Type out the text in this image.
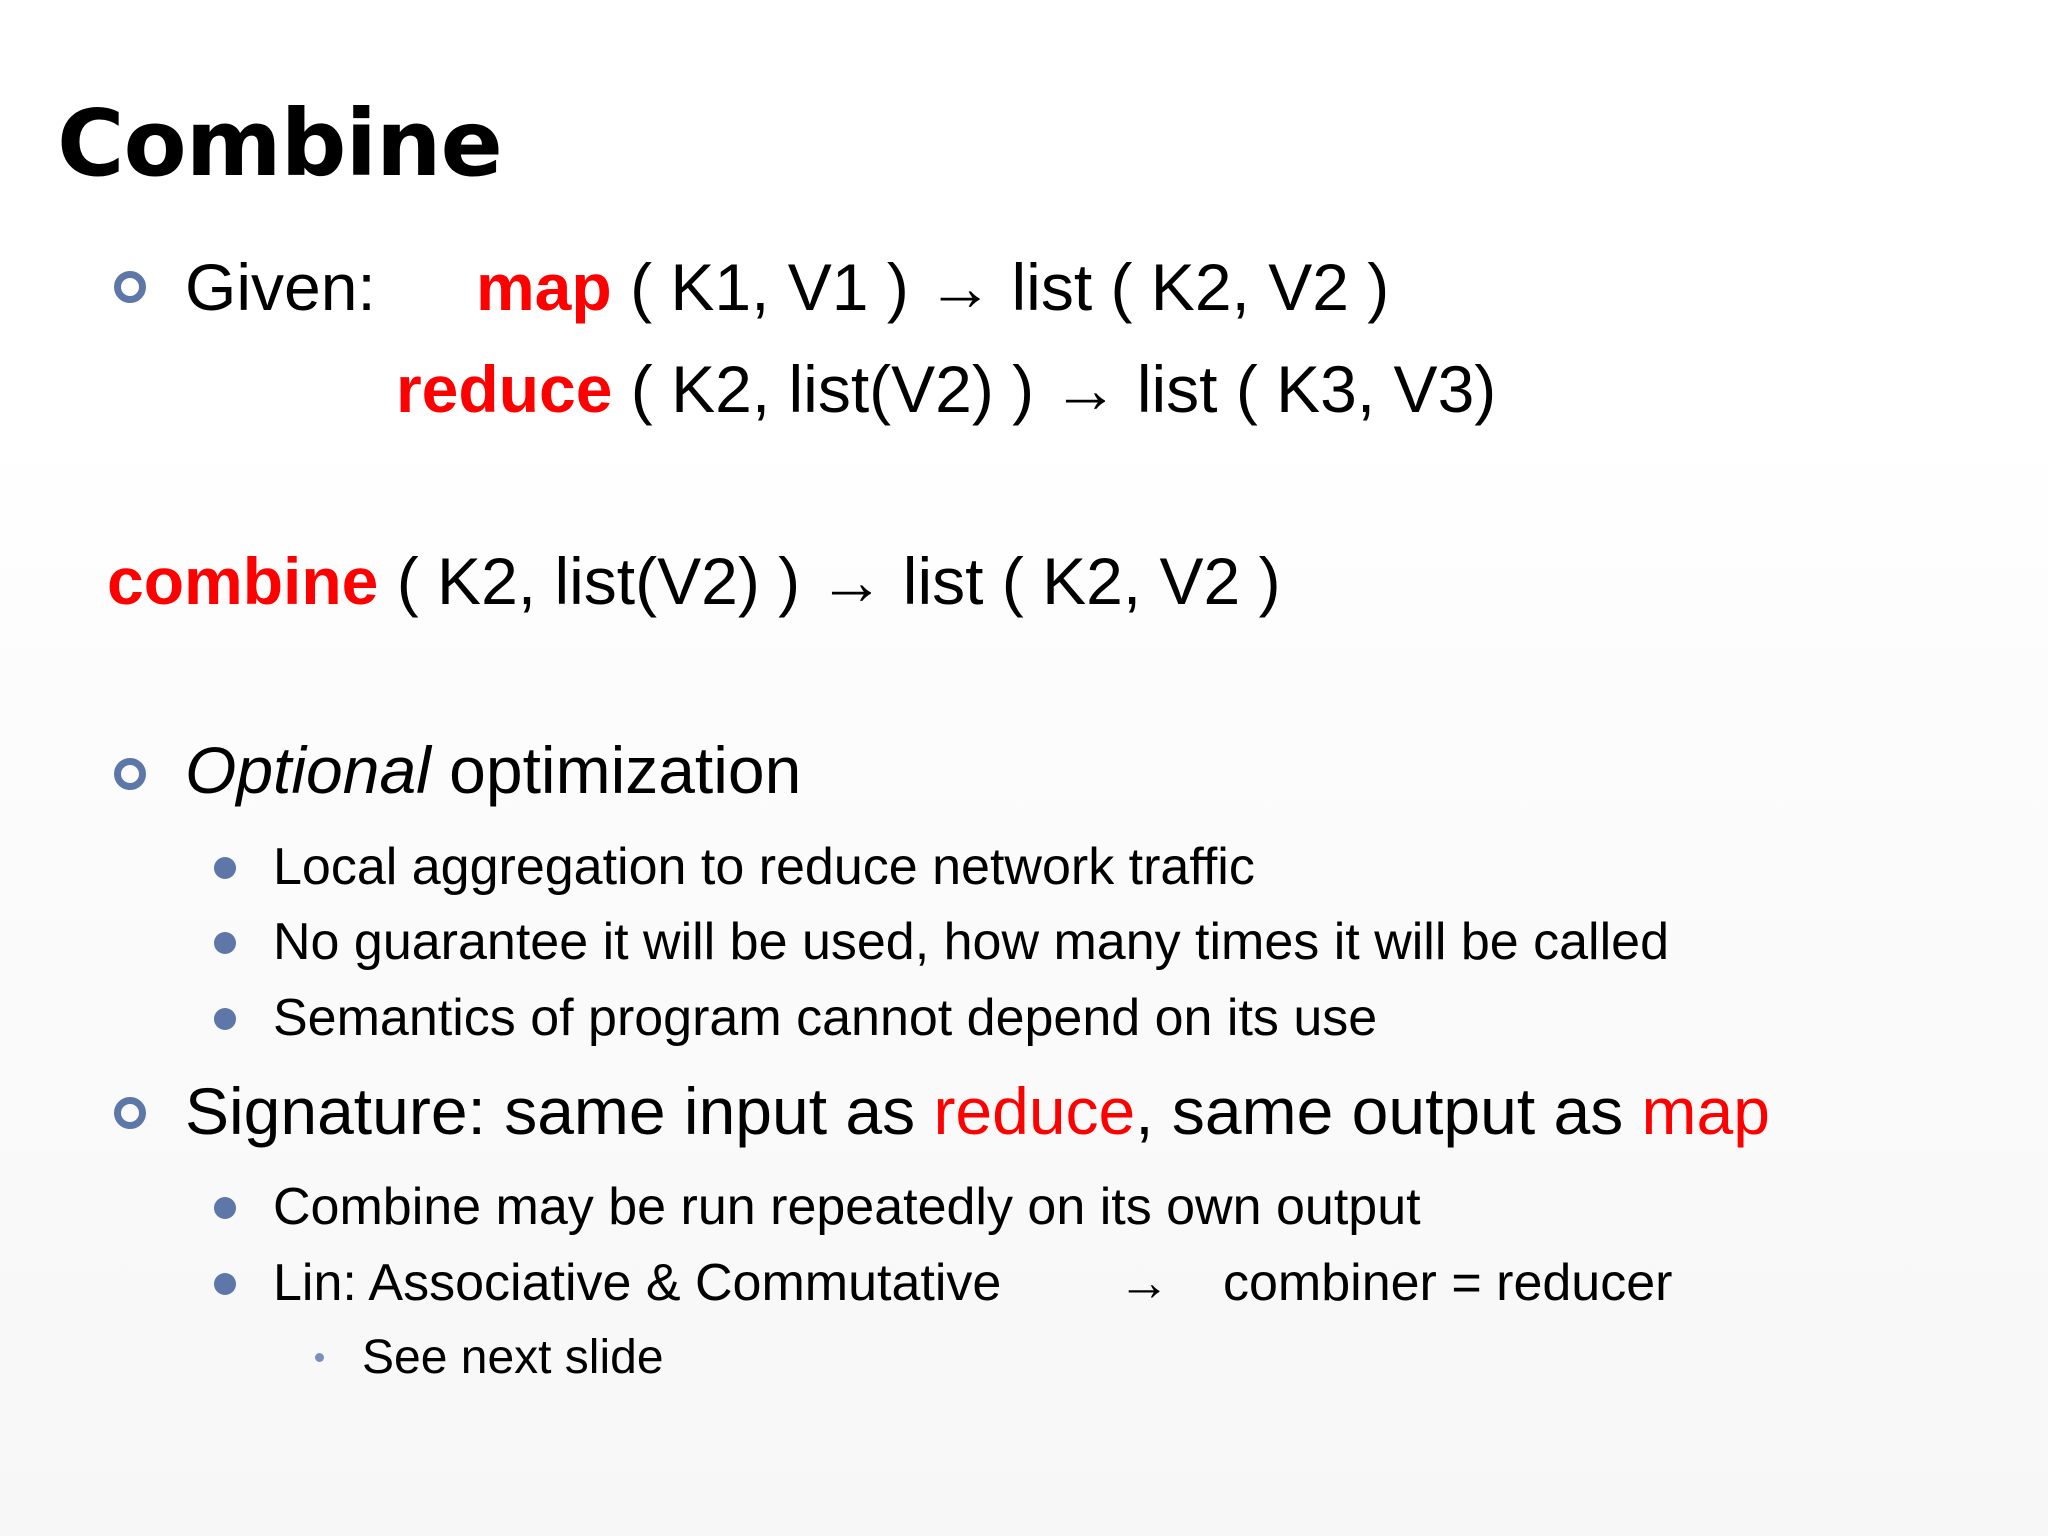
Combine
Given: map ( K1, V1 ) → list ( K2, V2 )
reduce ( K2, list(V2) ) → list ( K3, V3)
combine ( K2, list(V2) ) → list ( K2, V2 )
Optional optimization
Local aggregation to reduce network traffic
No guarantee it will be used, how many times it will be called
Semantics of program cannot depend on its use
Signature: same input as reduce, same output as map
Combine may be run repeatedly on its own output
Lin: Associative & Commutative → combiner = reducer
See next slide
